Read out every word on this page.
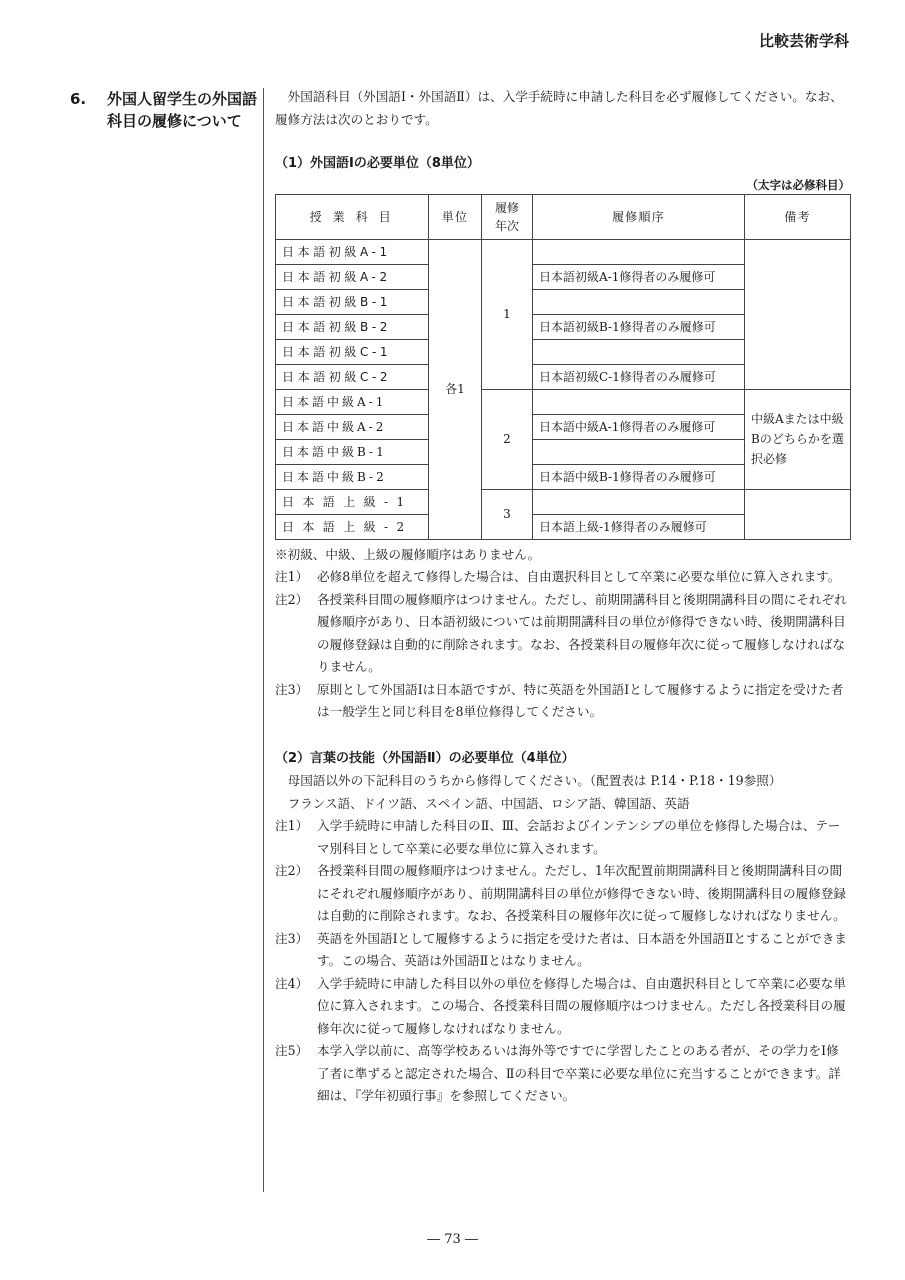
比較芸術学科
6. 外国人留学生の外国語科目の履修について

外国語科目（外国語Ⅰ・外国語Ⅱ）は、入学手続時に申請した科目を必ず履修してください。なお、履修方法は次のとおりです。

（1）外国語Ⅰの必要単位（8単位）

（太字は必修科目）
授 業 科 目	単位	履修年次	履修順序	備考
日本語初級A-1	各1	1		
日本語初級A-2			日本語初級A-1修得者のみ履修可	
日本語初級B-1				
日本語初級B-2			日本語初級B-1修得者のみ履修可	
日本語初級C-1				
日本語初級C-2			日本語初級C-1修得者のみ履修可	
日本語中級A-1		2		中級Aまたは中級Bのどちらかを選択必修
日本語中級A-2			日本語中級A-1修得者のみ履修可	
日本語中級B-1				
日本語中級B-2			日本語中級B-1修得者のみ履修可	
日本語上級-1		3		
日本語上級-2			日本語上級-1修得者のみ履修可	

※初級、中級、上級の履修順序はありません。

注1） 必修8単位を超えて修得した場合は、自由選択科目として卒業に必要な単位に算入されます。
注2） 各授業科目間の履修順序はつけません。ただし、前期開講科目と後期開講科目の間にそれぞれ履修順序があり、日本語初級については前期開講科目の単位が修得できない時、後期開講科目の履修登録は自動的に削除されます。なお、各授業科目の履修年次に従って履修しなければなりません。
注3） 原則として外国語Ⅰは日本語ですが、特に英語を外国語Ⅰとして履修するように指定を受けた者は一般学生と同じ科目を8単位修得してください。

（2）言葉の技能（外国語Ⅱ）の必要単位（4単位）

母国語以外の下記科目のうちから修得してください。（配置表は P.14・P.18・19参照）

フランス語、ドイツ語、スペイン語、中国語、ロシア語、韓国語、英語

注1） 入学手続時に申請した科目のⅡ、Ⅲ、会話およびインテンシブの単位を修得した場合は、テーマ別科目として卒業に必要な単位に算入されます。
注2） 各授業科目間の履修順序はつけません。ただし、1年次配置前期開講科目と後期開講科目の間にそれぞれ履修順序があり、前期開講科目の単位が修得できない時、後期開講科目の履修登録は自動的に削除されます。なお、各授業科目の履修年次に従って履修しなければなりません。
注3） 英語を外国語Ⅰとして履修するように指定を受けた者は、日本語を外国語Ⅱとすることができます。この場合、英語は外国語Ⅱとはなりません。
注4） 入学手続時に申請した科目以外の単位を修得した場合は、自由選択科目として卒業に必要な単位に算入されます。この場合、各授業科目間の履修順序はつけません。ただし各授業科目の履修年次に従って履修しなければなりません。
注5） 本学入学以前に、高等学校あるいは海外等ですでに学習したことのある者が、その学力をⅠ修了者に準ずると認定された場合、Ⅱの科目で卒業に必要な単位に充当することができます。詳細は、『学年初頭行事』を参照してください。
― 73 ―
